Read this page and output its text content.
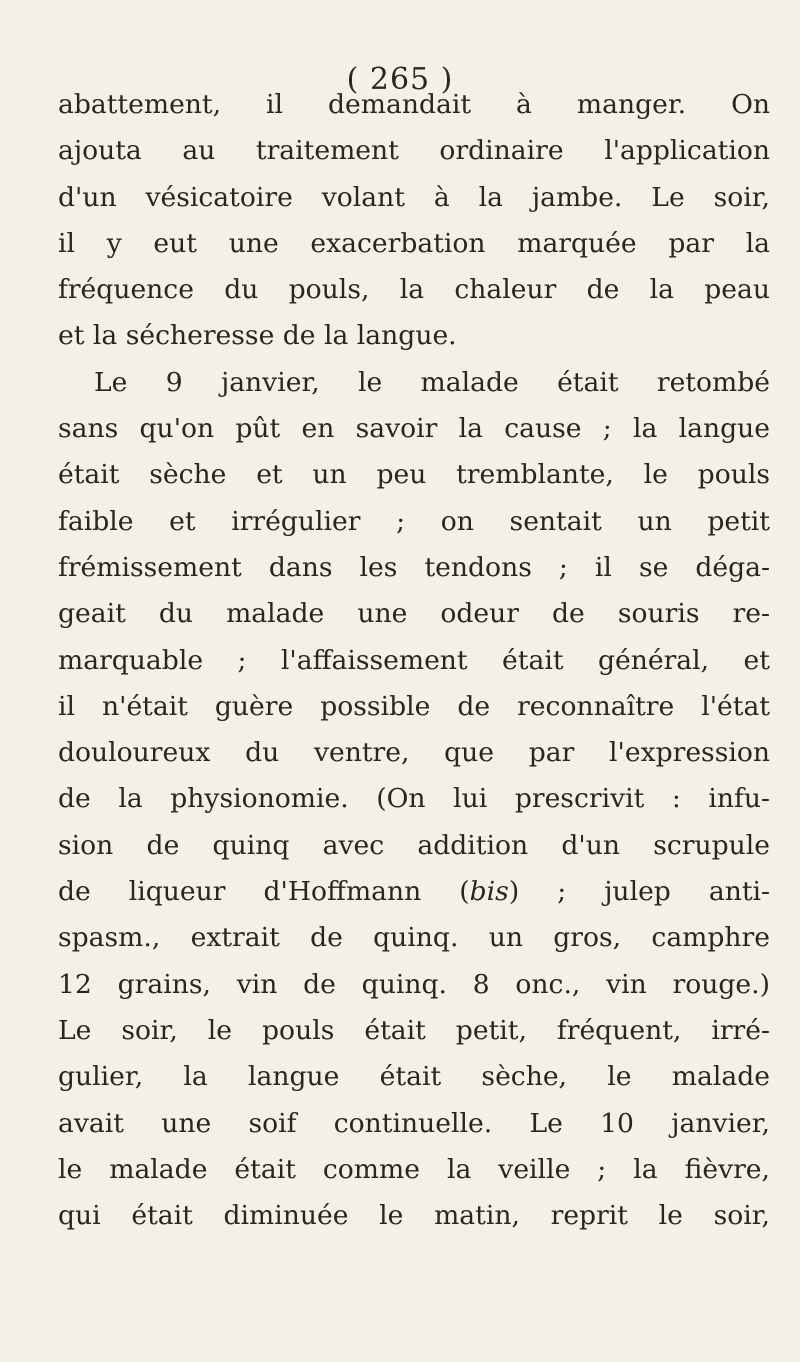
( 265 )
abattement, il demandait à manger. On
ajouta au traitement ordinaire l'application
d'un vésicatoire volant à la jambe. Le soir,
il y eut une exacerbation marquée par la
fréquence du pouls, la chaleur de la peau
et la sécheresse de la langue.
Le 9 janvier, le malade était retombé
sans qu'on pût en savoir la cause ; la langue
était sèche et un peu tremblante, le pouls
faible et irrégulier ; on sentait un petit
frémissement dans les tendons ; il se déga-
geait du malade une odeur de souris re-
marquable ; l'affaissement était général, et
il n'était guère possible de reconnaître l'état
douloureux du ventre, que par l'expression
de la physionomie. (On lui prescrivit : infu-
sion de quinq avec addition d'un scrupule
de liqueur d'Hoffmann (bis) ; julep anti-
spasm., extrait de quinq. un gros, camphre
12 grains, vin de quinq. 8 onc., vin rouge.)
Le soir, le pouls était petit, fréquent, irré-
gulier, la langue était sèche, le malade
avait une soif continuelle. Le 10 janvier,
le malade était comme la veille ; la fièvre,
qui était diminuée le matin, reprit le soir,
